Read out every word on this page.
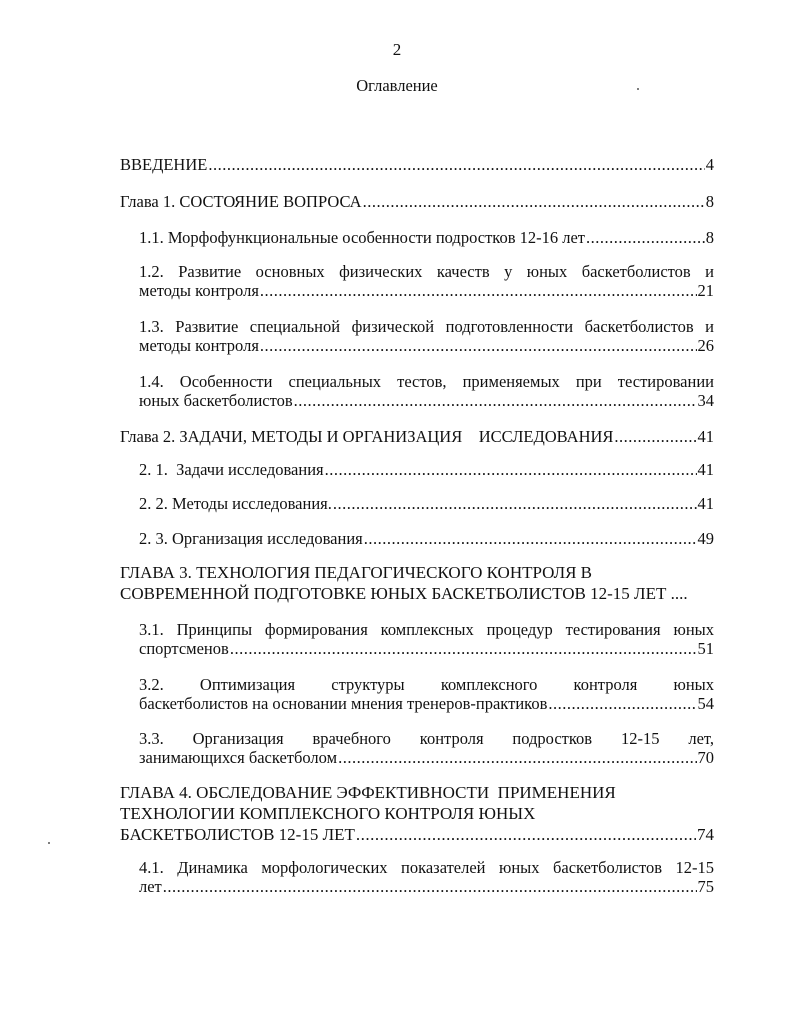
2
Оглавление
ВВЕДЕНИЕ .....	4
Глава 1. СОСТОЯНИЕ ВОПРОСА .....	8
1.1. Морфофункциональные особенности подростков 12-16 лет .....	8
1.2. Развитие основных физических качеств у юных баскетболистов и
методы контроля .....	21
1.3. Развитие специальной физической подготовленности баскетболистов и
методы контроля .....	26
1.4. Особенности специальных тестов, применяемых при тестировании
юных баскетболистов .....	34
Глава 2. ЗАДАЧИ, МЕТОДЫ И ОРГАНИЗАЦИЯ    ИССЛЕДОВАНИЯ .....	41
2. 1.  Задачи исследования .....	41
2. 2. Методы исследования. .....	41
2. 3. Организация исследования .....	49
ГЛАВА 3. ТЕХНОЛОГИЯ ПЕДАГОГИЧЕСКОГО КОНТРОЛЯ В
СОВРЕМЕННОЙ ПОДГОТОВКЕ ЮНЫХ БАСКЕТБОЛИСТОВ 12-15 ЛЕТ ....
3.1. Принципы формирования комплексных процедур тестирования юных
спортсменов .....	51
3.2. Оптимизация структуры комплексного контроля юных
баскетболистов на основании мнения тренеров-практиков .....	54
3.3. Организация врачебного контроля подростков 12-15 лет,
занимающихся баскетболом .....	70
ГЛАВА 4. ОБСЛЕДОВАНИЕ ЭФФЕКТИВНОСТИ  ПРИМЕНЕНИЯ
ТЕХНОЛОГИИ КОМПЛЕКСНОГО КОНТРОЛЯ ЮНЫХ
БАСКЕТБОЛИСТОВ 12-15 ЛЕТ .....	74
4.1. Динамика морфологических показателей юных баскетболистов 12-15
лет .....	75
